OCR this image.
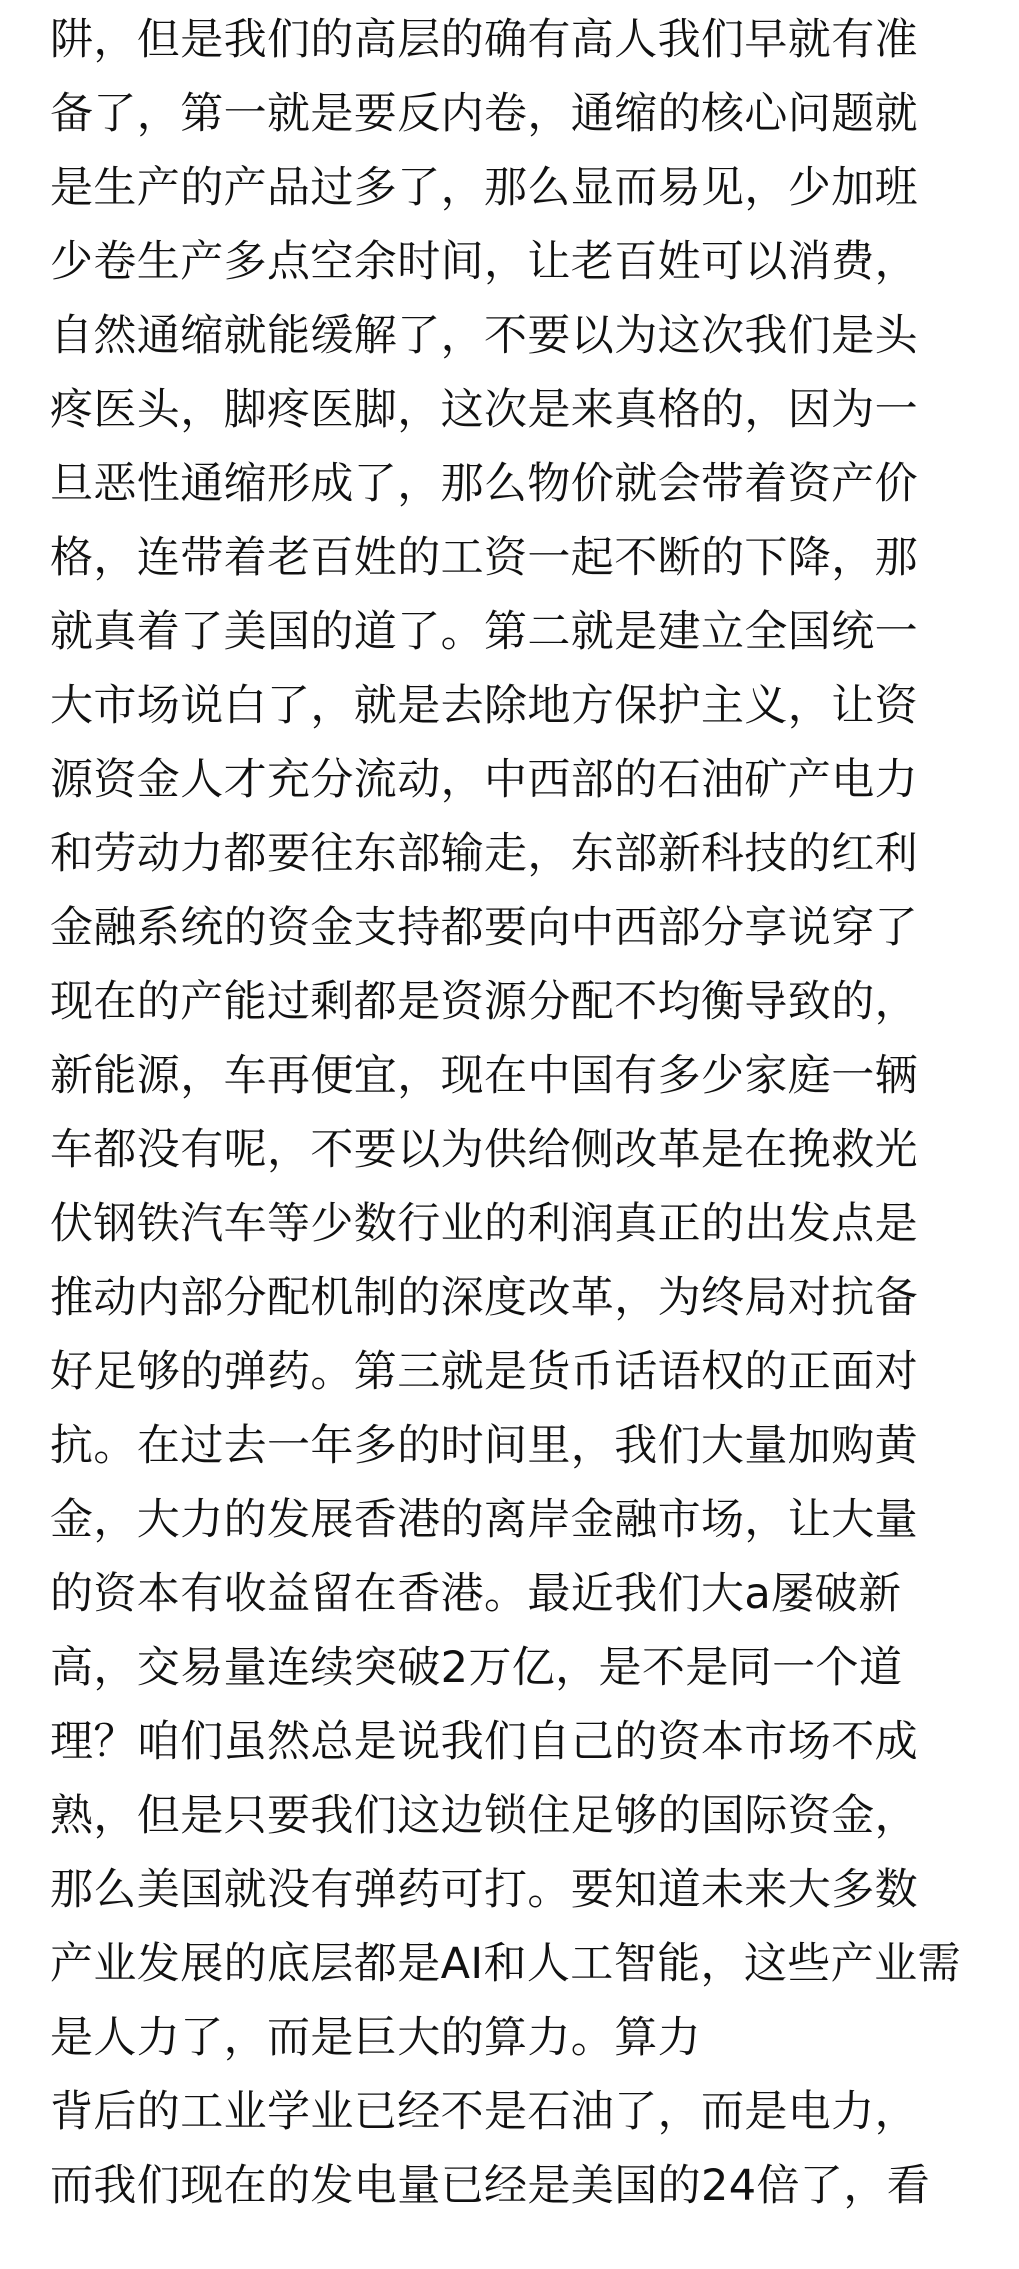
阱，但是我们的高层的确有高人我们早就有准
备了，第一就是要反内卷，通缩的核心问题就
是生产的产品过多了，那么显而易见，少加班
少卷生产多点空余时间，让老百姓可以消费，
自然通缩就能缓解了，不要以为这次我们是头
疼医头，脚疼医脚，这次是来真格的，因为一
旦恶性通缩形成了，那么物价就会带着资产价
格，连带着老百姓的工资一起不断的下降，那
就真着了美国的道了。第二就是建立全国统一
大市场说白了，就是去除地方保护主义，让资
源资金人才充分流动，中西部的石油矿产电力
和劳动力都要往东部输走，东部新科技的红利
金融系统的资金支持都要向中西部分享说穿了
现在的产能过剩都是资源分配不均衡导致的，
新能源，车再便宜，现在中国有多少家庭一辆
车都没有呢，不要以为供给侧改革是在挽救光
伏钢铁汽车等少数行业的利润真正的出发点是
推动内部分配机制的深度改革，为终局对抗备
好足够的弹药。第三就是货币话语权的正面对
抗。在过去一年多的时间里，我们大量加购黄
金，大力的发展香港的离岸金融市场，让大量
的资本有收益留在香港。最近我们大a屡破新
高，交易量连续突破2万亿，是不是同一个道
理？咱们虽然总是说我们自己的资本市场不成
熟，但是只要我们这边锁住足够的国际资金，
那么美国就没有弹药可打。要知道未来大多数
产业发展的底层都是AI和人工智能，这些产业需
是人力了，而是巨大的算力。算力
背后的工业学业已经不是石油了，而是电力，
而我们现在的发电量已经是美国的24倍了，看
